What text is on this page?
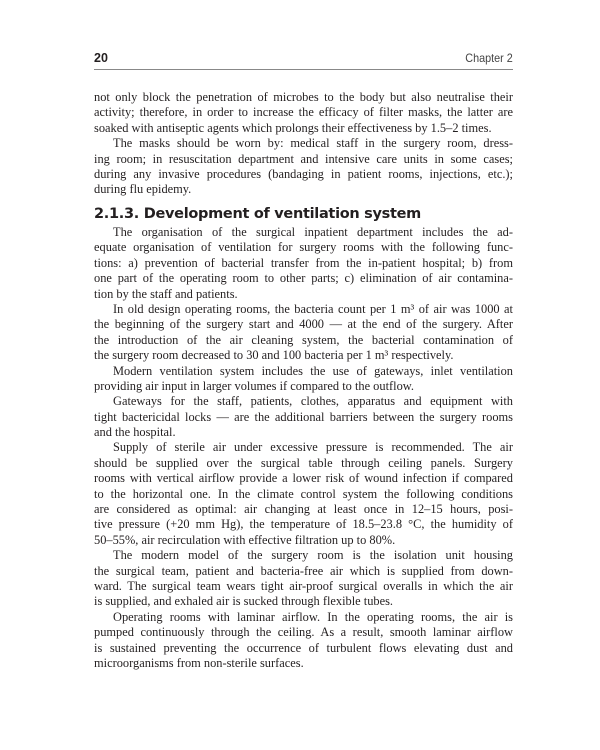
20	Chapter 2
not only block the penetration of microbes to the body but also neutralise their
activity; therefore, in order to increase the efficacy of filter masks, the latter are
soaked with antiseptic agents which prolongs their effectiveness by 1.5–2 times.
The masks should be worn by: medical staff in the surgery room, dress-
ing room; in resuscitation department and intensive care units in some cases;
during any invasive procedures (bandaging in patient rooms, injections, etc.);
during flu epidemy.
2.1.3. Development of ventilation system
The organisation of the surgical inpatient department includes the ad-
equate organisation of ventilation for surgery rooms with the following func-
tions: a) prevention of bacterial transfer from the in-patient hospital; b) from
one part of the operating room to other parts; c) elimination of air contamina-
tion by the staff and patients.
In old design operating rooms, the bacteria count per 1 m³ of air was 1000 at
the beginning of the surgery start and 4000 — at the end of the surgery. After
the introduction of the air cleaning system, the bacterial contamination of
the surgery room decreased to 30 and 100 bacteria per 1 m³ respectively.
Modern ventilation system includes the use of gateways, inlet ventilation
providing air input in larger volumes if compared to the outflow.
Gateways for the staff, patients, clothes, apparatus and equipment with
tight bactericidal locks — are the additional barriers between the surgery rooms
and the hospital.
Supply of sterile air under excessive pressure is recommended. The air
should be supplied over the surgical table through ceiling panels. Surgery
rooms with vertical airflow provide a lower risk of wound infection if compared
to the horizontal one. In the climate control system the following conditions
are considered as optimal: air changing at least once in 12–15 hours, posi-
tive pressure (+20 mm Hg), the temperature of 18.5–23.8 °C, the humidity of
50–55%, air recirculation with effective filtration up to 80%.
The modern model of the surgery room is the isolation unit housing
the surgical team, patient and bacteria-free air which is supplied from down-
ward. The surgical team wears tight air-proof surgical overalls in which the air
is supplied, and exhaled air is sucked through flexible tubes.
Operating rooms with laminar airflow. In the operating rooms, the air is
pumped continuously through the ceiling. As a result, smooth laminar airflow
is sustained preventing the occurrence of turbulent flows elevating dust and
microorganisms from non-sterile surfaces.
